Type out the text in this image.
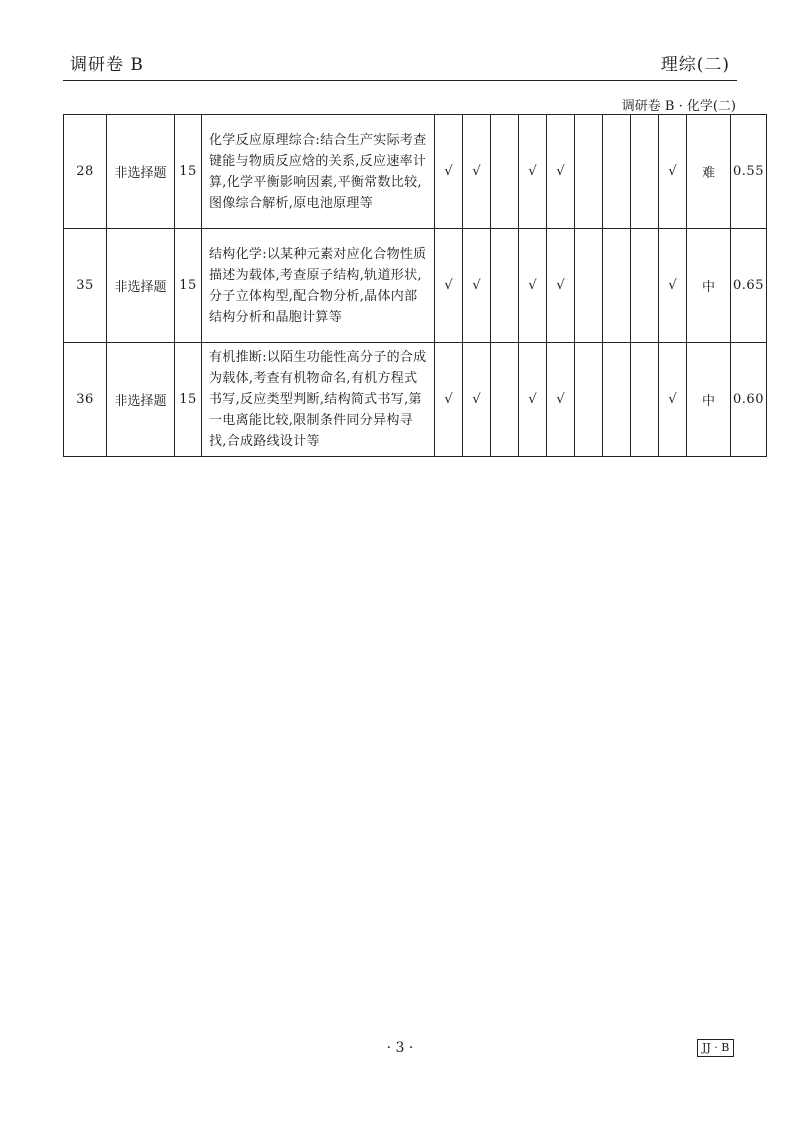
调研卷 B	理综(二)
调研卷 B · 化学(二)
28	非选择题	15	化学反应原理综合:结合生产实际考查键能与物质反应焓的关系,反应速率计算,化学平衡影响因素,平衡常数比较,图像综合解析,原电池原理等	√	√		√	√				√	难	0.55
35	非选择题	15	结构化学:以某种元素对应化合物性质描述为载体,考查原子结构,轨道形状,分子立体构型,配合物分析,晶体内部结构分析和晶胞计算等	√	√		√	√				√	中	0.65
36	非选择题	15	有机推断:以陌生功能性高分子的合成为载体,考查有机物命名,有机方程式书写,反应类型判断,结构简式书写,第一电离能比较,限制条件同分异构寻找,合成路线设计等	√	√		√	√				√	中	0.60
· 3 ·	JJ · B
